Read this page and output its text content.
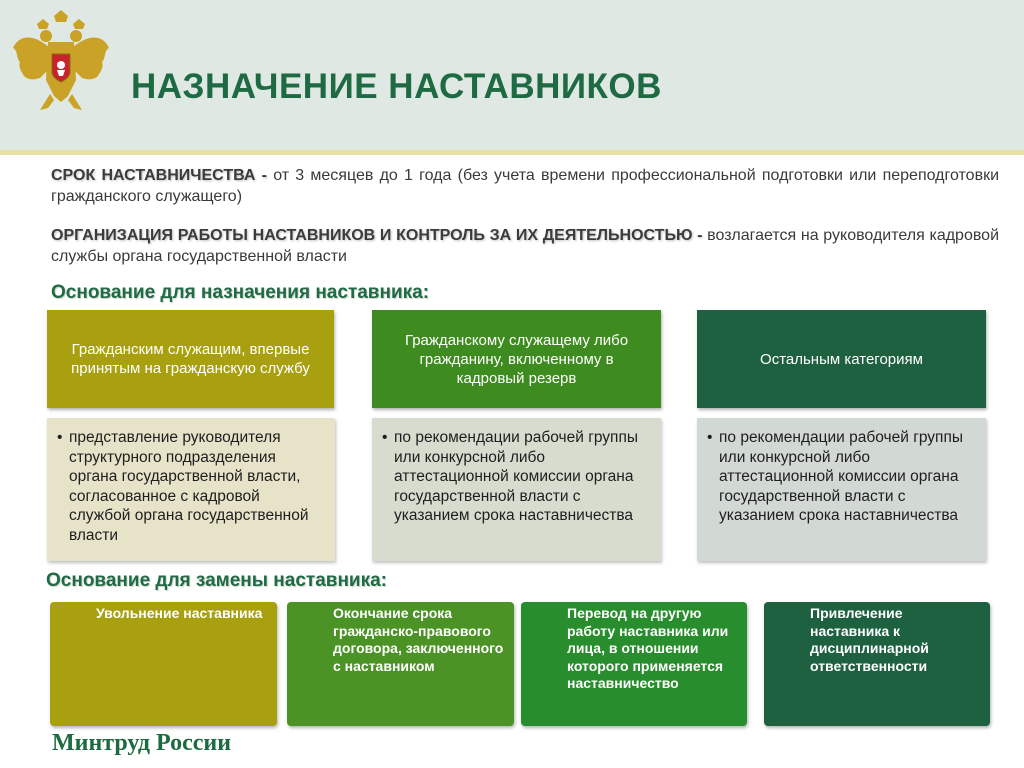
НАЗНАЧЕНИЕ НАСТАВНИКОВ
СРОК НАСТАВНИЧЕСТВА - от 3 месяцев до 1 года (без учета времени профессиональной подготовки или переподготовки гражданского служащего)
ОРГАНИЗАЦИЯ РАБОТЫ НАСТАВНИКОВ И КОНТРОЛЬ ЗА ИХ ДЕЯТЕЛЬНОСТЬЮ - возлагается на руководителя кадровой службы органа государственной власти
Основание для назначения наставника:
Гражданским служащим, впервые принятым на гражданскую службу
Гражданскому служащему либо гражданину, включенному в кадровый резерв
Остальным категориям
• представление руководителя структурного подразделения органа государственной власти, согласованное с кадровой службой органа государственной власти
• по рекомендации рабочей группы или конкурсной либо аттестационной комиссии органа государственной власти с указанием срока наставничества
• по рекомендации рабочей группы или конкурсной либо аттестационной комиссии органа государственной власти с указанием срока наставничества
Основание для замены наставника:
Увольнение наставника	Окончание срока гражданско-правового договора, заключенного с наставником
Перевод на другую работу наставника или лица, в отношении которого применяется наставничество
Привлечение наставника к дисциплинарной ответственности
Минтруд России
